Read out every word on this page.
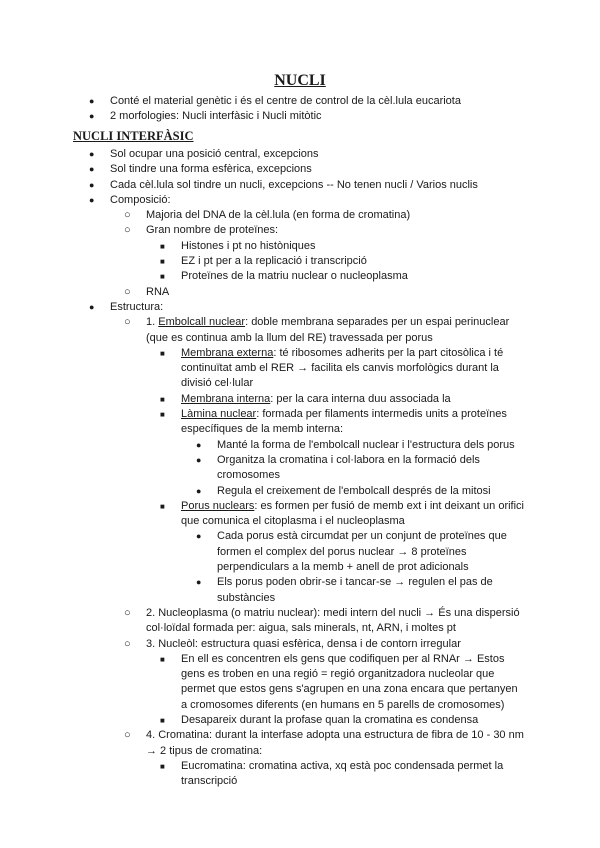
NUCLI
● Conté el material genètic i és el centre de control de la cèl.lula eucariota
● 2 morfologies: Nucli interfàsic i Nucli mitòtic
NUCLI INTERFÀSIC
● Sol ocupar una posició central, excepcions
● Sol tindre una forma esfèrica, excepcions
● Cada cèl.lula sol tindre un nucli, excepcions -- No tenen nucli / Varios nuclis
● Composició:
○ Majoria del DNA de la cèl.lula (en forma de cromatina)
○ Gran nombre de proteïnes:
■ Histones i pt no històniques
■ EZ i pt per a la replicació i transcripció
■ Proteïnes de la matriu nuclear o nucleoplasma
○ RNA
● Estructura:
○ 1. Embolcall nuclear: doble membrana separades per un espai perinuclear
(que es continua amb la llum del RE) travessada per porus
■ Membrana externa: té ribosomes adherits per la part citosòlica i té
continuïtat amb el RER → facilita els canvis morfològics durant la
divisió cel·lular
■ Membrana interna: per la cara interna duu associada la
■ Làmina nuclear: formada per filaments intermedis units a proteïnes
específiques de la memb interna:
● Manté la forma de l'embolcall nuclear i l'estructura dels porus
● Organitza la cromatina i col·labora en la formació dels
cromosomes
● Regula el creixement de l'embolcall després de la mitosi
■ Porus nuclears: es formen per fusió de memb ext i int deixant un orifici
que comunica el citoplasma i el nucleoplasma
● Cada porus està circumdat per un conjunt de proteïnes que
formen el complex del porus nuclear → 8 proteïnes
perpendiculars a la memb + anell de prot adicionals
● Els porus poden obrir-se i tancar-se → regulen el pas de
substàncies
○ 2. Nucleoplasma (o matriu nuclear): medi intern del nucli → És una dispersió
col·loïdal formada per: aigua, sals minerals, nt, ARN, i moltes pt
○ 3. Nucleòl: estructura quasi esfèrica, densa i de contorn irregular
■ En ell es concentren els gens que codifiquen per al RNAr → Estos
gens es troben en una regió = regió organitzadora nucleolar que
permet que estos gens s'agrupen en una zona encara que pertanyen
a cromosomes diferents (en humans en 5 parells de cromosomes)
■ Desapareix durant la profase quan la cromatina es condensa
○ 4. Cromatina: durant la interfase adopta una estructura de fibra de 10 - 30 nm
→ 2 tipus de cromatina:
■ Eucromatina: cromatina activa, xq està poc condensada permet la
transcripció
